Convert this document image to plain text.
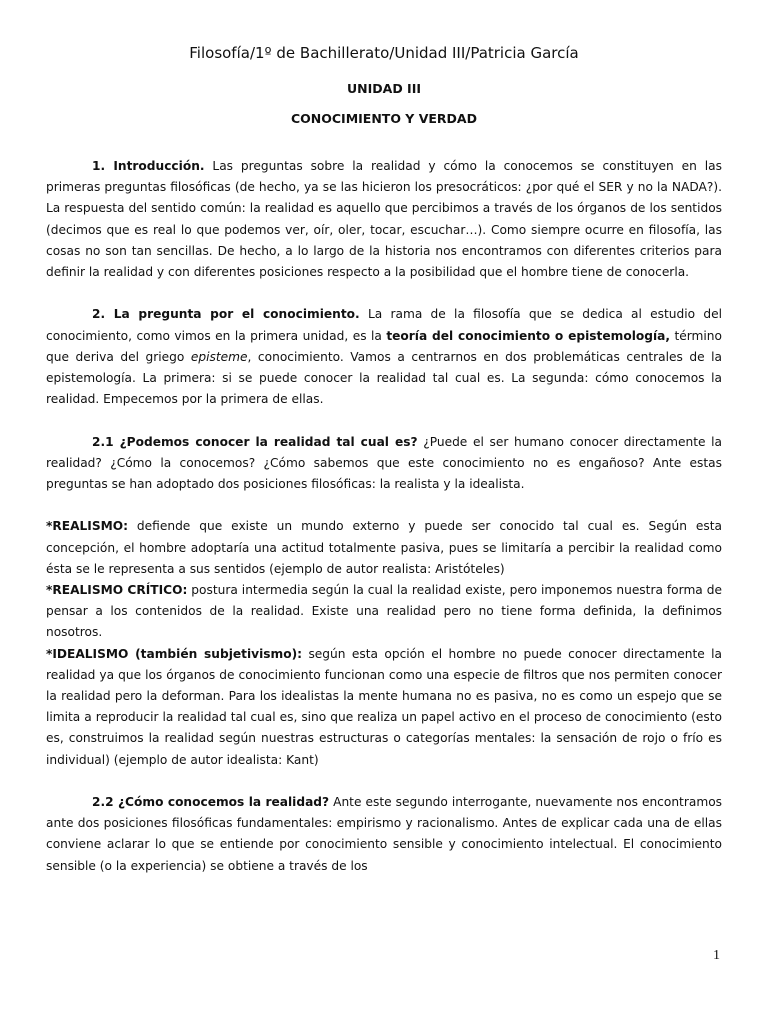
Filosofía/1º de Bachillerato/Unidad III/Patricia García
UNIDAD III
CONOCIMIENTO Y VERDAD

1. Introducción. Las preguntas sobre la realidad y cómo la conocemos se constituyen en las primeras preguntas filosóficas (de hecho, ya se las hicieron los presocráticos: ¿por qué el SER y no la NADA?). La respuesta del sentido común: la realidad es aquello que percibimos a través de los órganos de los sentidos (decimos que es real lo que podemos ver, oír, oler, tocar, escuchar…). Como siempre ocurre en filosofía, las cosas no son tan sencillas. De hecho, a lo largo de la historia nos encontramos con diferentes criterios para definir la realidad y con diferentes posiciones respecto a la posibilidad que el hombre tiene de conocerla.

2. La pregunta por el conocimiento. La rama de la filosofía que se dedica al estudio del conocimiento, como vimos en la primera unidad, es la teoría del conocimiento o epistemología, término que deriva del griego episteme, conocimiento. Vamos a centrarnos en dos problemáticas centrales de la epistemología. La primera: si se puede conocer la realidad tal cual es. La segunda: cómo conocemos la realidad. Empecemos por la primera de ellas.

2.1 ¿Podemos conocer la realidad tal cual es? ¿Puede el ser humano conocer directamente la realidad? ¿Cómo la conocemos? ¿Cómo sabemos que este conocimiento no es engañoso? Ante estas preguntas se han adoptado dos posiciones filosóficas: la realista y la idealista.

*REALISMO: defiende que existe un mundo externo y puede ser conocido tal cual es. Según esta concepción, el hombre adoptaría una actitud totalmente pasiva, pues se limitaría a percibir la realidad como ésta se le representa a sus sentidos (ejemplo de autor realista: Aristóteles)

*REALISMO CRÍTICO: postura intermedia según la cual la realidad existe, pero imponemos nuestra forma de pensar a los contenidos de la realidad. Existe una realidad pero no tiene forma definida, la definimos nosotros.

*IDEALISMO (también subjetivismo): según esta opción el hombre no puede conocer directamente la realidad ya que los órganos de conocimiento funcionan como una especie de filtros que nos permiten conocer la realidad pero la deforman. Para los idealistas la mente humana no es pasiva, no es como un espejo que se limita a reproducir la realidad tal cual es, sino que realiza un papel activo en el proceso de conocimiento (esto es, construimos la realidad según nuestras estructuras o categorías mentales: la sensación de rojo o frío es individual) (ejemplo de autor idealista: Kant)

2.2 ¿Cómo conocemos la realidad? Ante este segundo interrogante, nuevamente nos encontramos ante dos posiciones filosóficas fundamentales: empirismo y racionalismo. Antes de explicar cada una de ellas conviene aclarar lo que se entiende por conocimiento sensible y conocimiento intelectual. El conocimiento sensible (o la experiencia) se obtiene a través de los

1
